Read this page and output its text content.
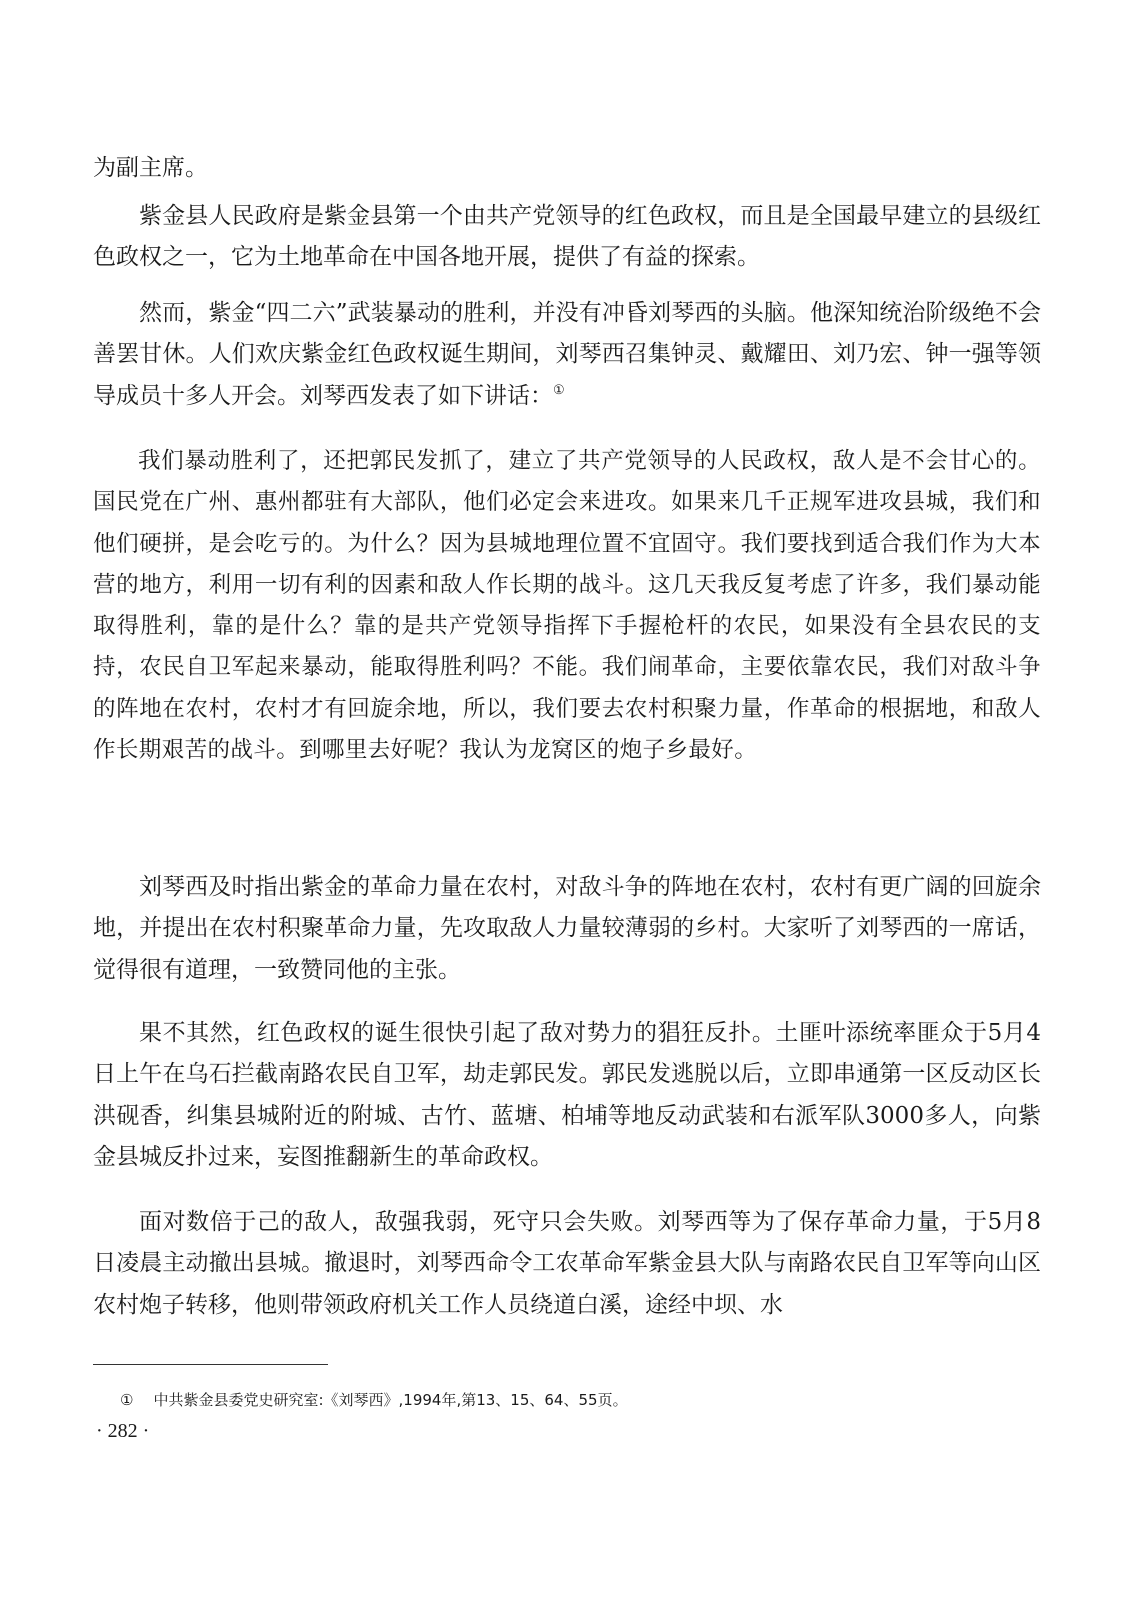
为副主席。

紫金县人民政府是紫金县第一个由共产党领导的红色政权，而且是全国最早建立的县级红色政权之一，它为土地革命在中国各地开展，提供了有益的探索。

然而，紫金“四二六”武装暴动的胜利，并没有冲昏刘琴西的头脑。他深知统治阶级绝不会善罢甘休。人们欢庆紫金红色政权诞生期间，刘琴西召集钟灵、戴耀田、刘乃宏、钟一强等领导成员十多人开会。刘琴西发表了如下讲话：①

我们暴动胜利了，还把郭民发抓了，建立了共产党领导的人民政权，敌人是不会甘心的。国民党在广州、惠州都驻有大部队，他们必定会来进攻。如果来几千正规军进攻县城，我们和他们硬拼，是会吃亏的。为什么？因为县城地理位置不宜固守。我们要找到适合我们作为大本营的地方，利用一切有利的因素和敌人作长期的战斗。这几天我反复考虑了许多，我们暴动能取得胜利，靠的是什么？靠的是共产党领导指挥下手握枪杆的农民，如果没有全县农民的支持，农民自卫军起来暴动，能取得胜利吗？不能。我们闹革命，主要依靠农民，我们对敌斗争的阵地在农村，农村才有回旋余地，所以，我们要去农村积聚力量，作革命的根据地，和敌人作长期艰苦的战斗。到哪里去好呢？我认为龙窝区的炮子乡最好。

刘琴西及时指出紫金的革命力量在农村，对敌斗争的阵地在农村，农村有更广阔的回旋余地，并提出在农村积聚革命力量，先攻取敌人力量较薄弱的乡村。大家听了刘琴西的一席话，觉得很有道理，一致赞同他的主张。

果不其然，红色政权的诞生很快引起了敌对势力的猖狂反扑。土匪叶添统率匪众于5月4日上午在乌石拦截南路农民自卫军，劫走郭民发。郭民发逃脱以后，立即串通第一区反动区长洪砚香，纠集县城附近的附城、古竹、蓝塘、柏埔等地反动武装和右派军队3000多人，向紫金县城反扑过来，妄图推翻新生的革命政权。

面对数倍于己的敌人，敌强我弱，死守只会失败。刘琴西等为了保存革命力量，于5月8日凌晨主动撤出县城。撤退时，刘琴西命令工农革命军紫金县大队与南路农民自卫军等向山区农村炮子转移，他则带领政府机关工作人员绕道白溪，途经中坝、水

① 中共紫金县委党史研究室:《刘琴西》,1994年,第13、15、64、55页。
· 282 ·
